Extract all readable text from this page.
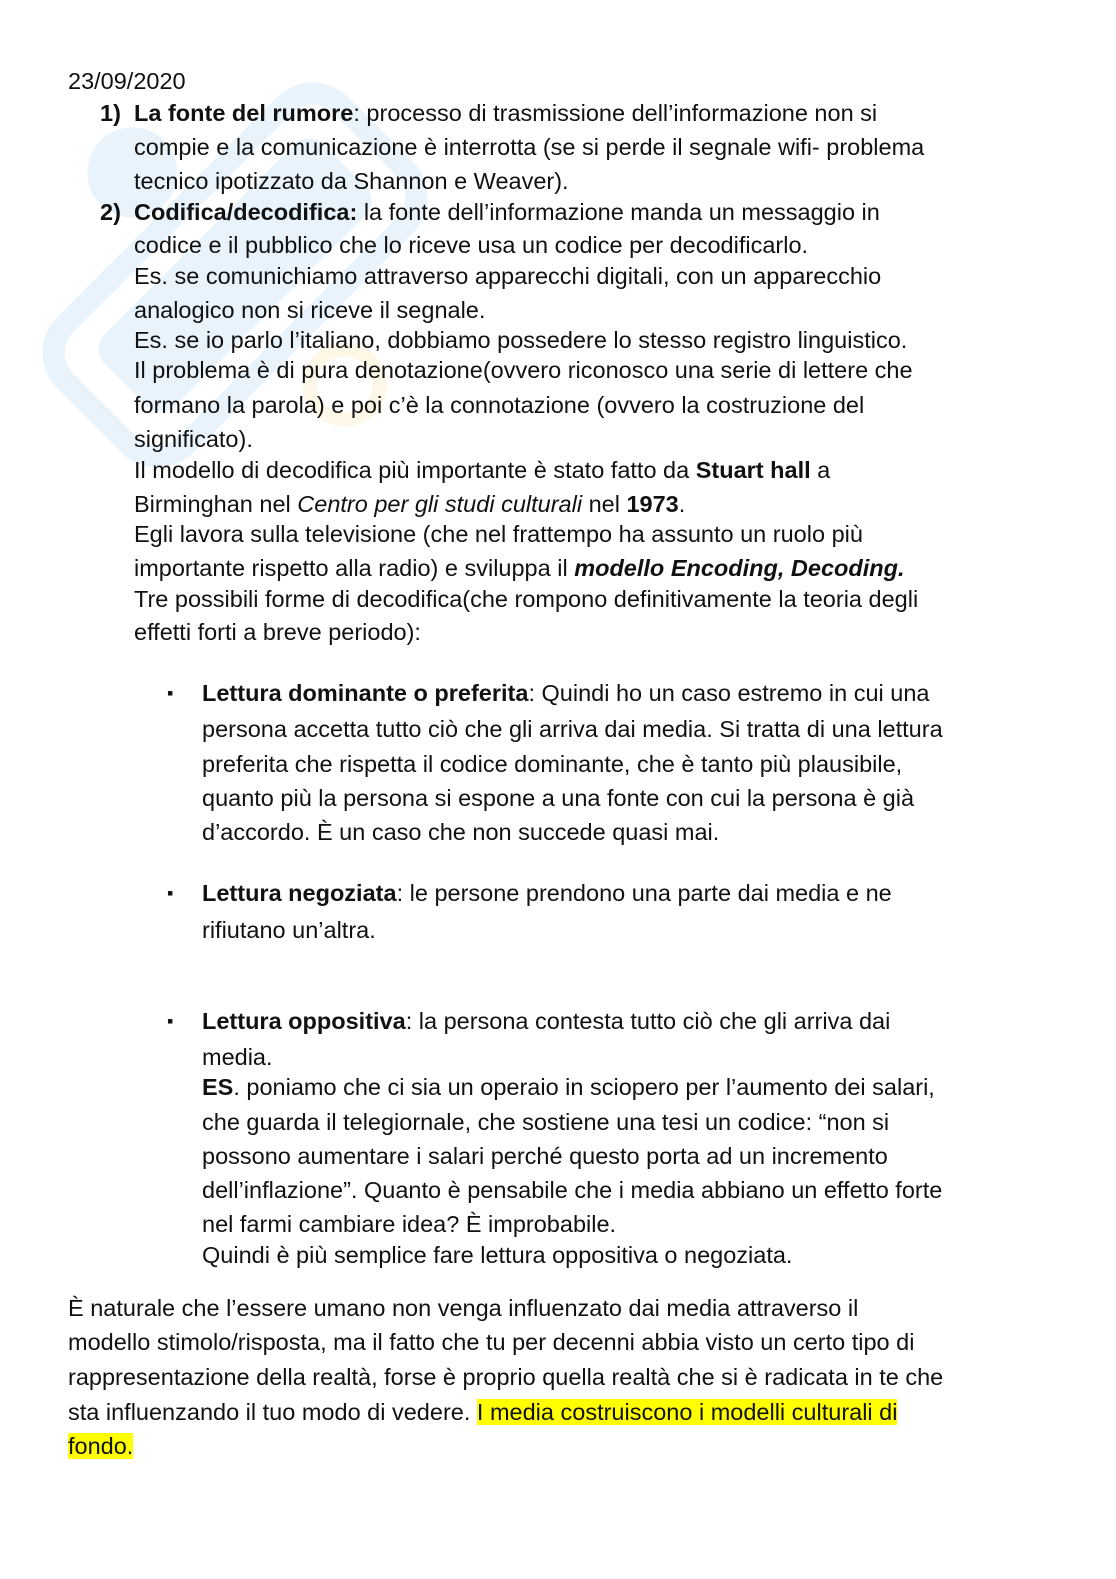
23/09/2020
1) La fonte del rumore: processo di trasmissione dell’informazione non si
compie e la comunicazione è interrotta (se si perde il segnale wifi- problema
tecnico ipotizzato da Shannon e Weaver).
2) Codifica/decodifica: la fonte dell’informazione manda un messaggio in
codice e il pubblico che lo riceve usa un codice per decodificarlo.
Es. se comunichiamo attraverso apparecchi digitali, con un apparecchio
analogico non si riceve il segnale.
Es. se io parlo l’italiano, dobbiamo possedere lo stesso registro linguistico.
Il problema è di pura denotazione(ovvero riconosco una serie di lettere che
formano la parola) e poi c’è la connotazione (ovvero la costruzione del
significato).
Il modello di decodifica più importante è stato fatto da Stuart hall a
Birminghan nel Centro per gli studi culturali nel 1973.
Egli lavora sulla televisione (che nel frattempo ha assunto un ruolo più
importante rispetto alla radio) e sviluppa il modello Encoding, Decoding.
Tre possibili forme di decodifica(che rompono definitivamente la teoria degli
effetti forti a breve periodo):
▪ Lettura dominante o preferita: Quindi ho un caso estremo in cui una
persona accetta tutto ciò che gli arriva dai media. Si tratta di una lettura
preferita che rispetta il codice dominante, che è tanto più plausibile,
quanto più la persona si espone a una fonte con cui la persona è già
d’accordo. È un caso che non succede quasi mai.
▪ Lettura negoziata: le persone prendono una parte dai media e ne
rifiutano un’altra.
▪ Lettura oppositiva: la persona contesta tutto ciò che gli arriva dai
media.
ES. poniamo che ci sia un operaio in sciopero per l’aumento dei salari,
che guarda il telegiornale, che sostiene una tesi un codice: “non si
possono aumentare i salari perché questo porta ad un incremento
dell’inflazione”. Quanto è pensabile che i media abbiano un effetto forte
nel farmi cambiare idea? È improbabile.
Quindi è più semplice fare lettura oppositiva o negoziata.
È naturale che l’essere umano non venga influenzato dai media attraverso il
modello stimolo/risposta, ma il fatto che tu per decenni abbia visto un certo tipo di
rappresentazione della realtà, forse è proprio quella realtà che si è radicata in te che
sta influenzando il tuo modo di vedere. I media costruiscono i modelli culturali di
fondo.
